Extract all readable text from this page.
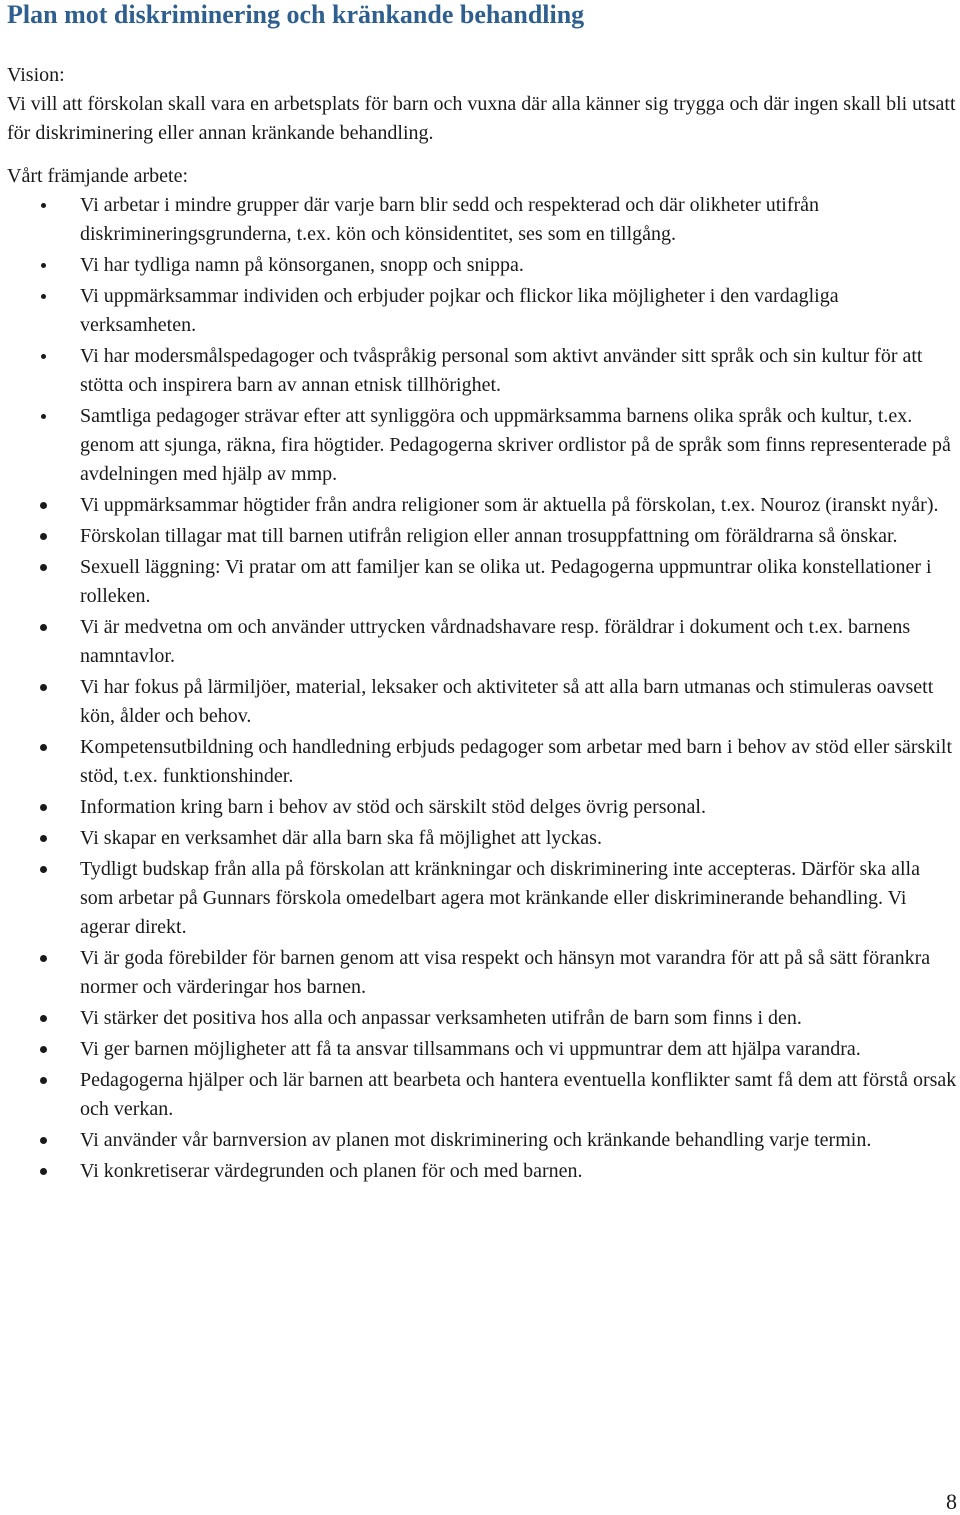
Plan mot diskriminering och kränkande behandling

Vision:

Vi vill att förskolan skall vara en arbetsplats för barn och vuxna där alla känner sig trygga och där ingen skall bli utsatt för diskriminering eller annan kränkande behandling.

Vårt främjande arbete:

Vi arbetar i mindre grupper där varje barn blir sedd och respekterad och där olikheter utifrån diskrimineringsgrunderna, t.ex. kön och könsidentitet, ses som en tillgång.
Vi har tydliga namn på könsorganen, snopp och snippa.
Vi uppmärksammar individen och erbjuder pojkar och flickor lika möjligheter i den vardagliga verksamheten.
Vi har modersmålspedagoger och tvåspråkig personal som aktivt använder sitt språk och sin kultur för att stötta och inspirera barn av annan etnisk tillhörighet.
Samtliga pedagoger strävar efter att synliggöra och uppmärksamma barnens olika språk och kultur, t.ex. genom att sjunga, räkna, fira högtider. Pedagogerna skriver ordlistor på de språk som finns representerade på avdelningen med hjälp av mmp.
Vi uppmärksammar högtider från andra religioner som är aktuella på förskolan, t.ex. Nouroz (iranskt nyår).
Förskolan tillagar mat till barnen utifrån religion eller annan trosuppfattning om föräldrarna så önskar.
Sexuell läggning: Vi pratar om att familjer kan se olika ut. Pedagogerna uppmuntrar olika konstellationer i rolleken.
Vi är medvetna om och använder uttrycken vårdnadshavare resp. föräldrar i dokument och t.ex. barnens namntavlor.
Vi har fokus på lärmiljöer, material, leksaker och aktiviteter så att alla barn utmanas och stimuleras oavsett kön, ålder och behov.
Kompetensutbildning och handledning erbjuds pedagoger som arbetar med barn i behov av stöd eller särskilt stöd, t.ex. funktionshinder.
Information kring barn i behov av stöd och särskilt stöd delges övrig personal.
Vi skapar en verksamhet där alla barn ska få möjlighet att lyckas.
Tydligt budskap från alla på förskolan att kränkningar och diskriminering inte accepteras. Därför ska alla som arbetar på Gunnars förskola omedelbart agera mot kränkande eller diskriminerande behandling. Vi agerar direkt.
Vi är goda förebilder för barnen genom att visa respekt och hänsyn mot varandra för att på så sätt förankra normer och värderingar hos barnen.
Vi stärker det positiva hos alla och anpassar verksamheten utifrån de barn som finns i den.
Vi ger barnen möjligheter att få ta ansvar tillsammans och vi uppmuntrar dem att hjälpa varandra.
Pedagogerna hjälper och lär barnen att bearbeta och hantera eventuella konflikter samt få dem att förstå orsak och verkan.
Vi använder vår barnversion av planen mot diskriminering och kränkande behandling varje termin.
Vi konkretiserar värdegrunden och planen för och med barnen.
8
